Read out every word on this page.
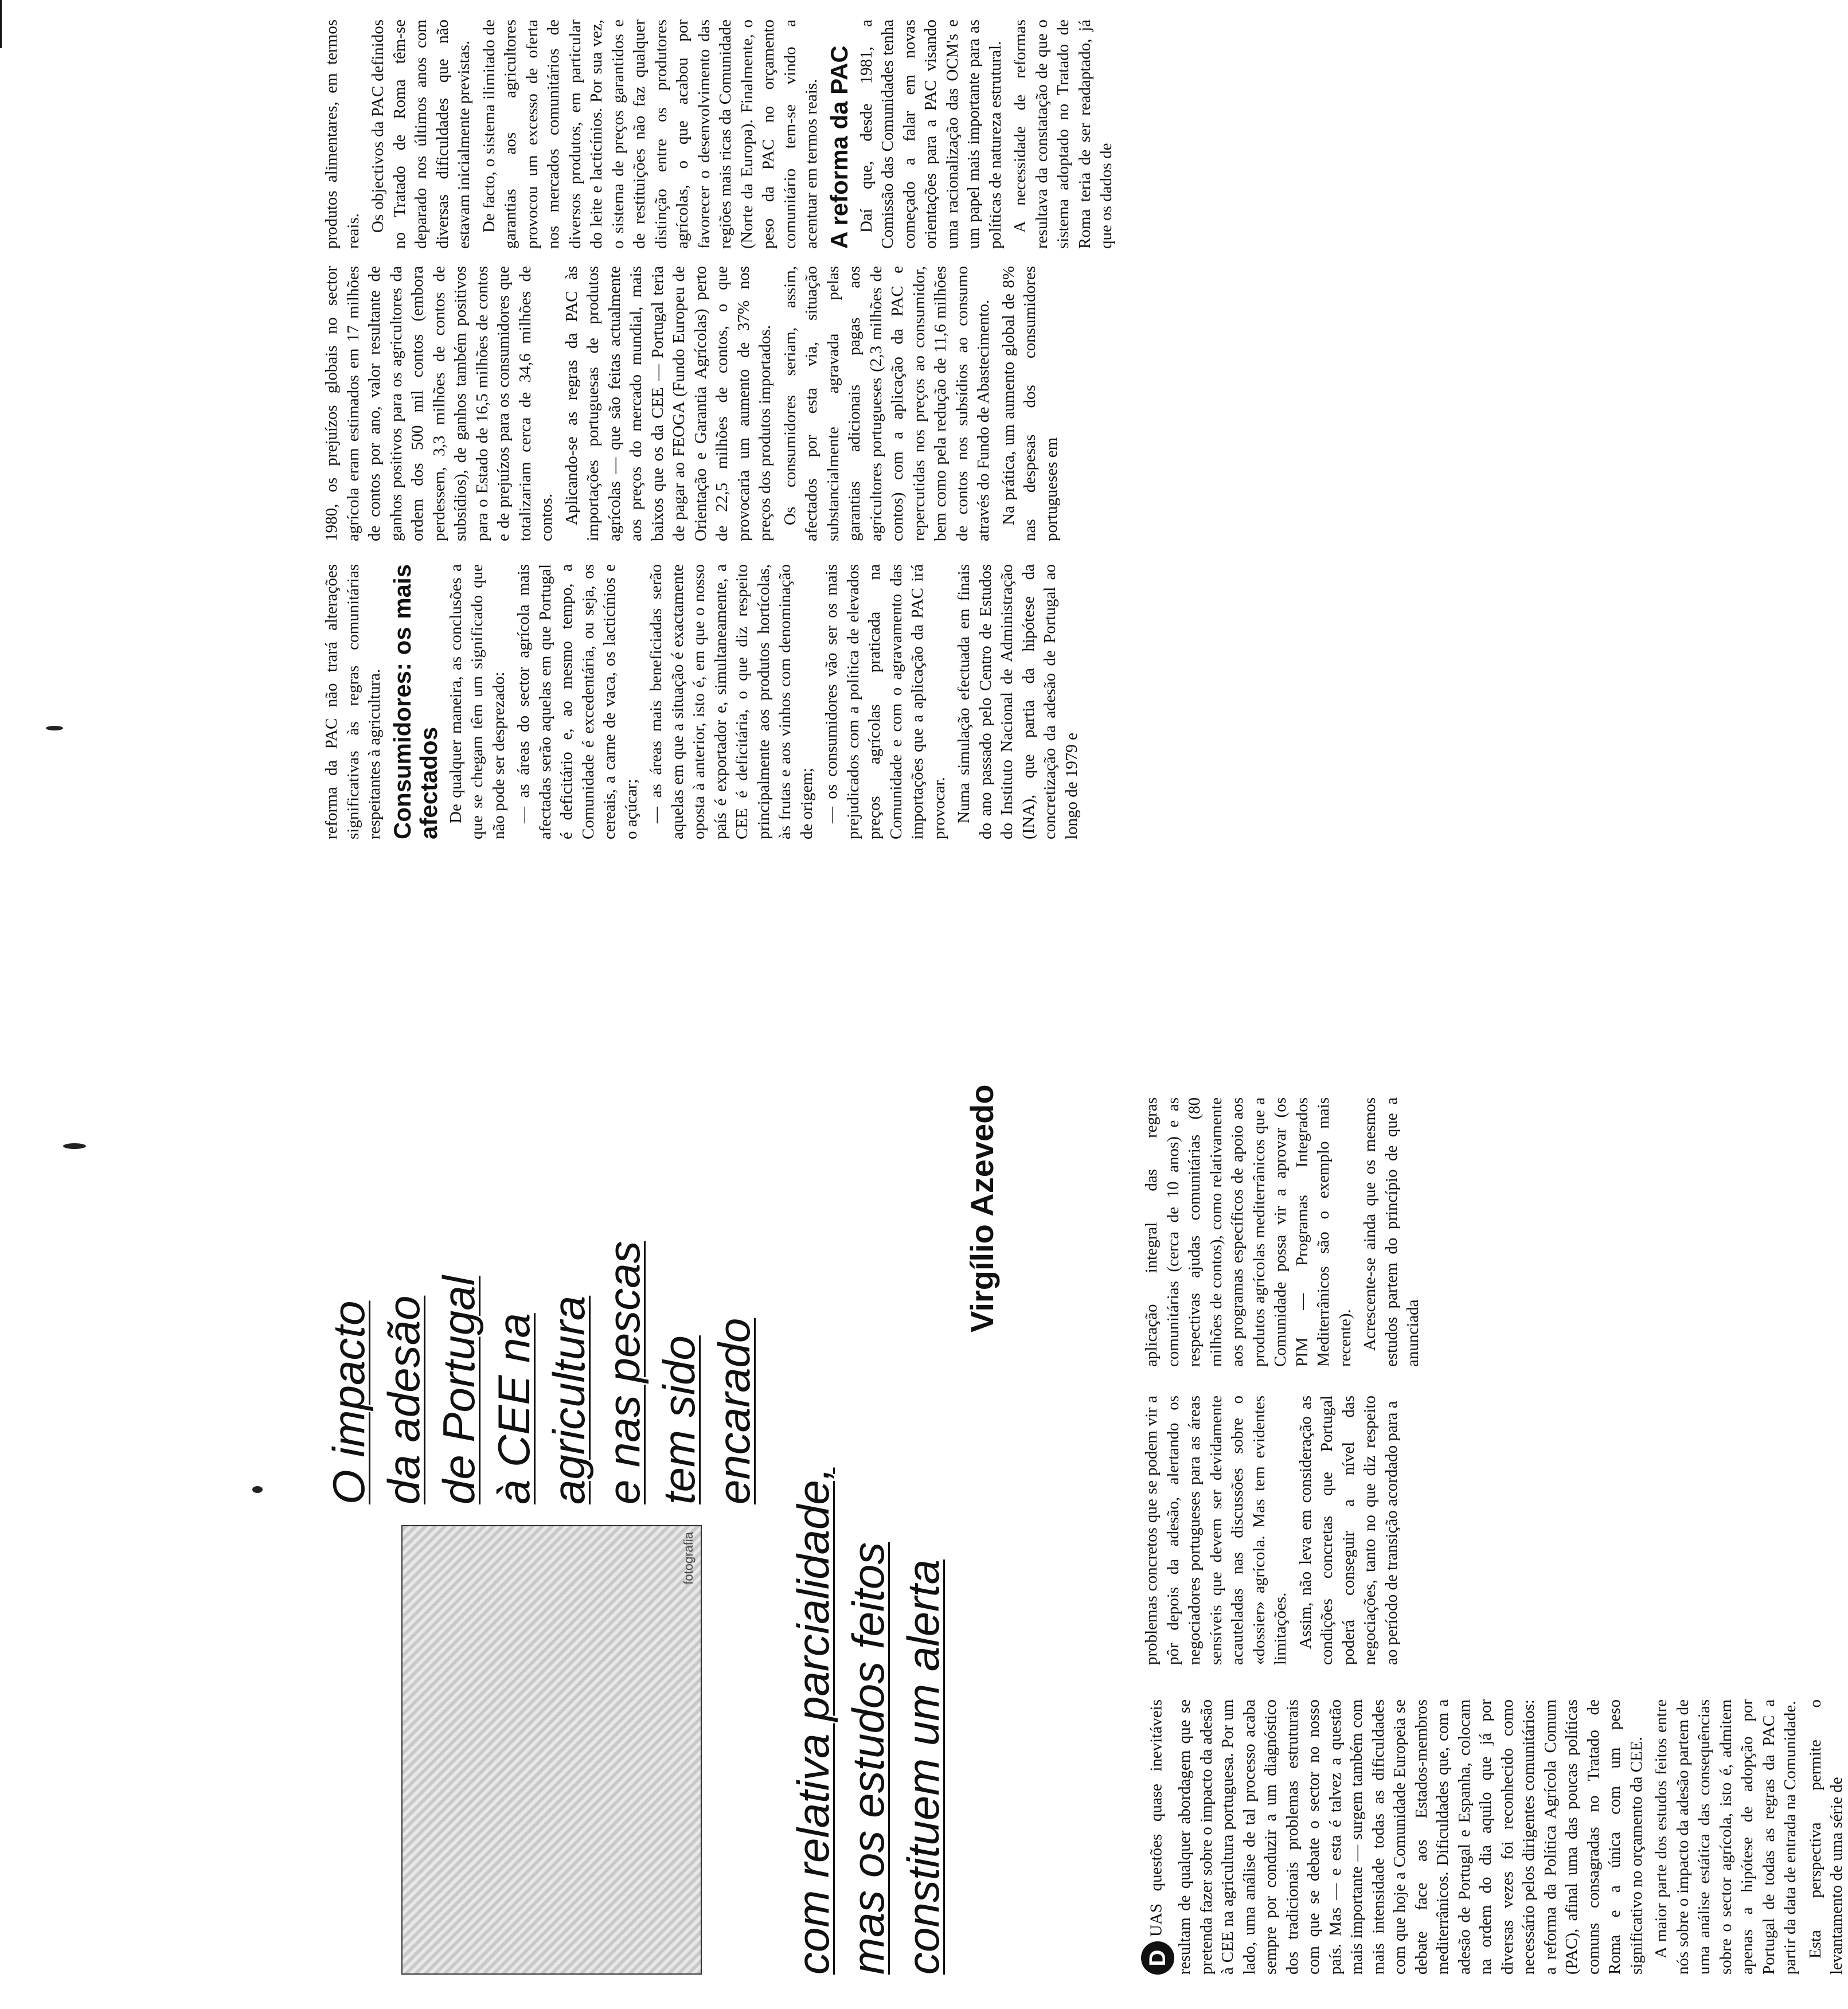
DUAS questões quase inevitáveis resultam de qualquer abordagem que se pretenda fazer sobre o impacto da adesão à CEE na agricultura portuguesa. Por um lado, uma análise de tal processo acaba sempre por conduzir a um diagnóstico dos tradicionais problemas estruturais com que se debate o sector no nosso país. Mas — e esta é talvez a questão mais importante — surgem também com mais intensidade todas as dificuldades com que hoje a Comunidade Europeia se debate face aos Estados-membros mediterrânicos. Dificuldades que, com a adesão de Portugal e Espanha, colocam na ordem do dia aquilo que já por diversas vezes foi reconhecido como necessário pelos dirigentes comunitários: a reforma da Política Agrícola Comum (PAC), afinal uma das poucas políticas comuns consagradas no Tratado de Roma e a única com um peso significativo no orçamento da CEE. A maior parte dos estudos feitos entre nós sobre o impacto da adesão partem de uma análise estática das consequências sobre o sector agrícola, isto é, admitem apenas a hipótese de adopção por Portugal de todas as regras da PAC a partir da data de entrada na Comunidade. Esta perspectiva permite o levantamento de uma série de

problemas concretos que se podem vir a pôr depois da adesão, alertando os negociadores portugueses para as áreas sensíveis que devem ser devidamente acauteladas nas discussões sobre o «dossier» agrícola. Mas tem evidentes limitações. Assim, não leva em consideração as condições concretas que Portugal poderá conseguir a nível das negociações, tanto no que diz respeito ao período de transição acordado para a

aplicação integral das regras comunitárias (cerca de 10 anos) e as respectivas ajudas comunitárias (80 milhões de contos), como relativamente aos programas específicos de apoio aos produtos agrícolas mediterrânicos que a Comunidade possa vir a aprovar (os PIM — Programas Integrados Mediterrânicos são o exemplo mais recente). Acrescente-se ainda que os mesmos estudos partem do princípio de que a anunciada

fotografia
O impacto da adesão de Portugal à CEE na agricultura e nas pescas tem sido encarado
com relativa parcialidade, mas os estudos feitos constituem um alerta
Virgílio Azevedo

reforma da PAC não trará alterações significativas às regras comunitárias respeitantes à agricultura. Consumidores: os mais afectados De qualquer maneira, as conclusões a que se chegam têm um significado que não pode ser desprezado: — as áreas do sector agrícola mais afectadas serão aquelas em que Portugal é deficitário e, ao mesmo tempo, a Comunidade é excedentária, ou seja, os cereais, a carne de vaca, os lacticínios e o açúcar; — as áreas mais beneficiadas serão aquelas em que a situação é exactamente oposta à anterior, isto é, em que o nosso país é exportador e, simultaneamente, a CEE é deficitária, o que diz respeito principalmente aos produtos hortícolas, às frutas e aos vinhos com denominação de origem; — os consumidores vão ser os mais prejudicados com a política de elevados preços agrícolas praticada na Comunidade e com o agravamento das importações que a aplicação da PAC irá provocar. Numa simulação efectuada em finais do ano passado pelo Centro de Estudos do Instituto Nacional de Administração (INA), que partia da hipótese da concretização da adesão de Portugal ao longo de 1979 e

1980, os prejuízos globais no sector agrícola eram estimados em 17 milhões de contos por ano, valor resultante de ganhos positivos para os agricultores da ordem dos 500 mil contos (embora perdessem, 3,3 milhões de contos de subsídios), de ganhos também positivos para o Estado de 16,5 milhões de contos e de prejuízos para os consumidores que totalizariam cerca de 34,6 milhões de contos. Aplicando-se as regras da PAC às importações portuguesas de produtos agrícolas — que são feitas actualmente aos preços do mercado mundial, mais baixos que os da CEE — Portugal teria de pagar ao FEOGA (Fundo Europeu de Orientação e Garantia Agrícolas) perto de 22,5 milhões de contos, o que provocaria um aumento de 37% nos preços dos produtos importados. Os consumidores seriam, assim, afectados por esta via, situação substancialmente agravada pelas garantias adicionais pagas aos agricultores portugueses (2,3 milhões de contos) com a aplicação da PAC e repercutidas nos preços ao consumidor, bem como pela redução de 11,6 milhões de contos nos subsídios ao consumo através do Fundo de Abastecimento. Na prática, um aumento global de 8% nas despesas dos consumidores portugueses em

produtos alimentares, em termos reais. Os objectivos da PAC definidos no Tratado de Roma têm-se deparado nos últimos anos com diversas dificuldades que não estavam inicialmente previstas. De facto, o sistema ilimitado de garantias aos agricultores provocou um excesso de oferta nos mercados comunitários de diversos produtos, em particular do leite e lacticínios. Por sua vez, o sistema de preços garantidos e de restituições não faz qualquer distinção entre os produtores agrícolas, o que acabou por favorecer o desenvolvimento das regiões mais ricas da Comunidade (Norte da Europa). Finalmente, o peso da PAC no orçamento comunitário tem-se vindo a acentuar em termos reais. A reforma da PAC Daí que, desde 1981, a Comissão das Comunidades tenha começado a falar em novas orientações para a PAC visando uma racionalização das OCM's e um papel mais importante para as políticas de natureza estrutural. A necessidade de reformas resultava da constatação de que o sistema adoptado no Tratado de Roma teria de ser readaptado, já que os dados de
